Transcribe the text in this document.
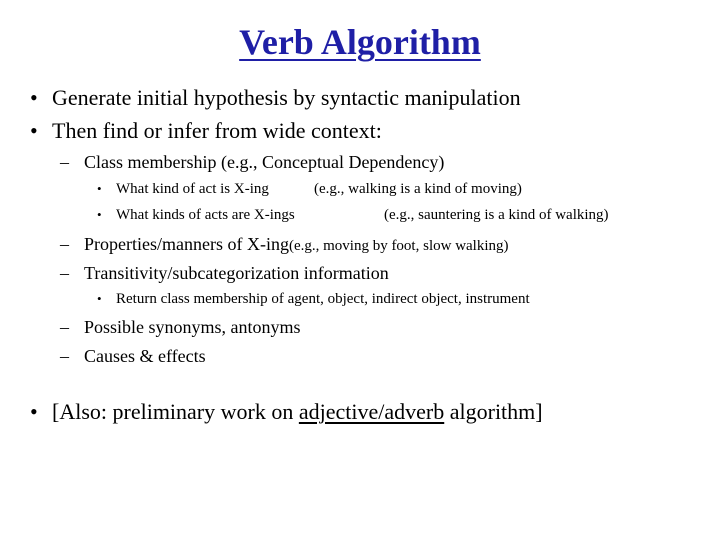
Verb Algorithm
• Generate initial hypothesis by syntactic manipulation
• Then find or infer from wide context:
– Class membership (e.g., Conceptual Dependency)
• What kind of act is X-ing	(e.g., walking is a kind of moving)
• What kinds of acts are X-ings	(e.g., sauntering is a kind of walking)
– Properties/manners of X-ing(e.g., moving by foot, slow walking)
– Transitivity/subcategorization information
• Return class membership of agent, object, indirect object, instrument
– Possible synonyms, antonyms
– Causes & effects
• [Also: preliminary work on adjective/adverb algorithm]
